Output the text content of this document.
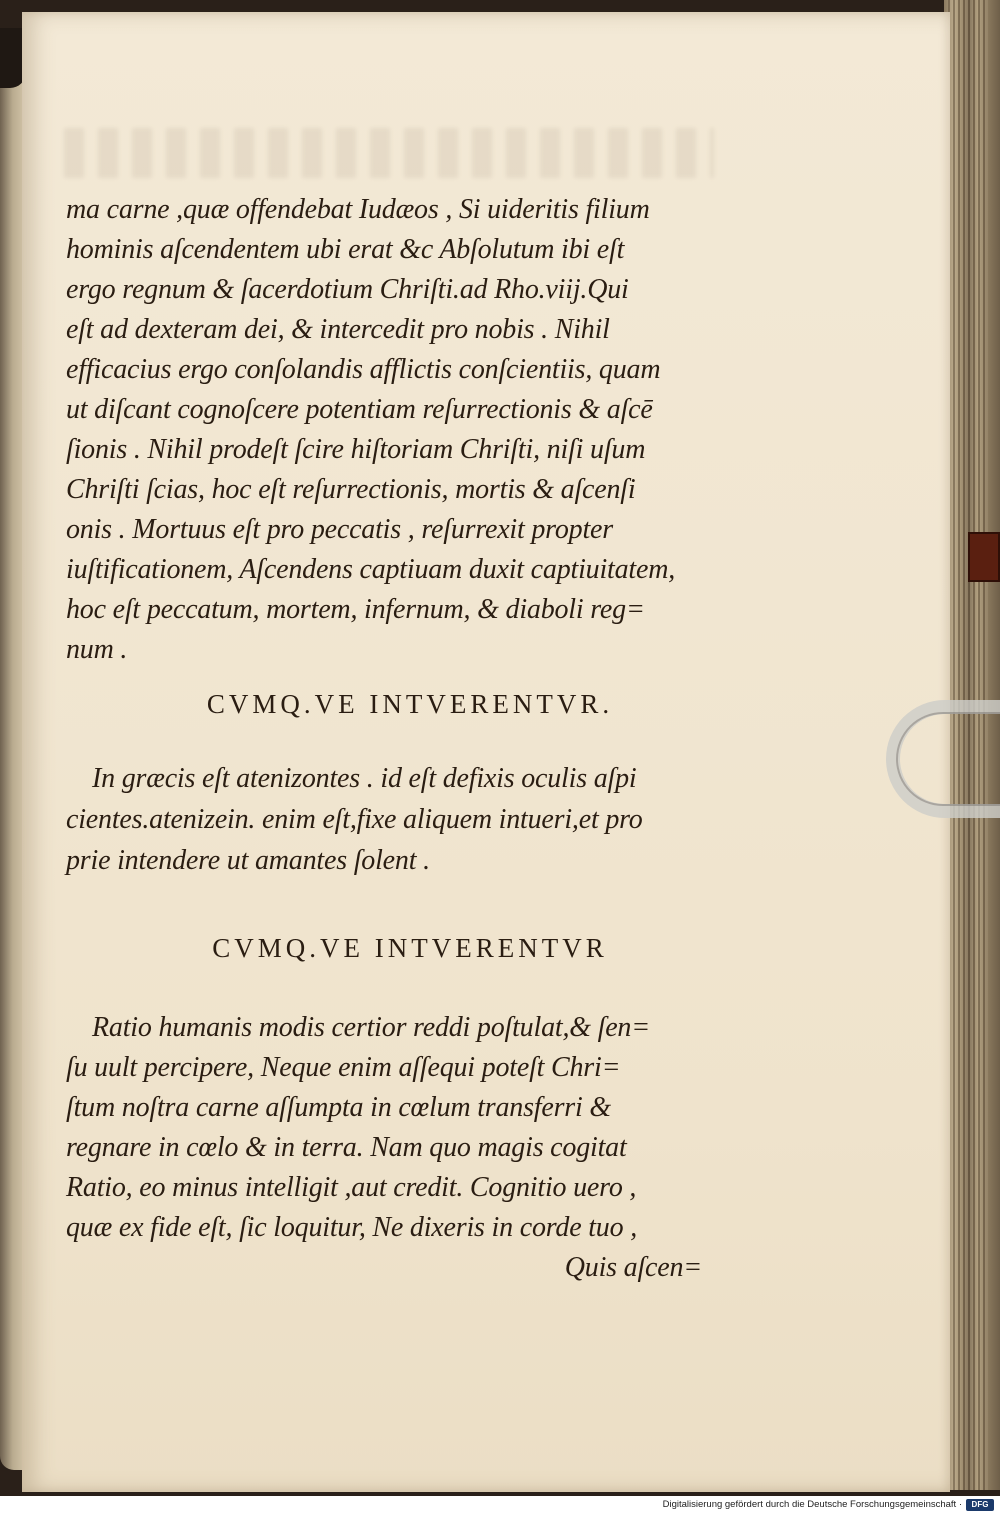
ma carne ,quæ offendebat Iudæos , Si uideritis filium
hominis aſcendentem ubi erat &c Abſolutum ibi eſt
ergo regnum & ſacerdotium Chriſti.ad Rho.viij.Qui
eſt ad dexteram dei, & intercedit pro nobis . Nihil
efficacius ergo conſolandis afflictis conſcientiis, quam
ut diſcant cognoſcere potentiam reſurrectionis & aſcē
ſionis . Nihil prodeſt ſcire hiſtoriam Chriſti, niſi uſum
Chriſti ſcias, hoc eſt reſurrectionis, mortis & aſcenſi
onis . Mortuus eſt pro peccatis , reſurrexit propter
iuſtificationem, Aſcendens captiuam duxit captiuitatem,
hoc eſt peccatum, mortem, infernum, & diaboli reg=
num .
CVMQ.VE INTVERENTVR.
In græcis eſt atenizontes . id eſt defixis oculis aſpi
cientes.atenizein. enim eſt,fixe aliquem intueri,et pro
prie intendere ut amantes ſolent .
CVMQ.VE INTVERENTVR
Ratio humanis modis certior reddi poſtulat,& ſen=
ſu uult percipere, Neque enim aſſequi poteſt Chri=
ſtum noſtra carne aſſumpta in cœlum transferri &
regnare in cœlo & in terra. Nam quo magis cogitat
Ratio, eo minus intelligit ,aut credit. Cognitio uero ,
quæ ex fide eſt, ſic loquitur, Ne dixeris in corde tuo ,
Quis aſcen=
Digitalisierung gefördert durch die Deutsche Forschungsgemeinschaft ·	DFG
